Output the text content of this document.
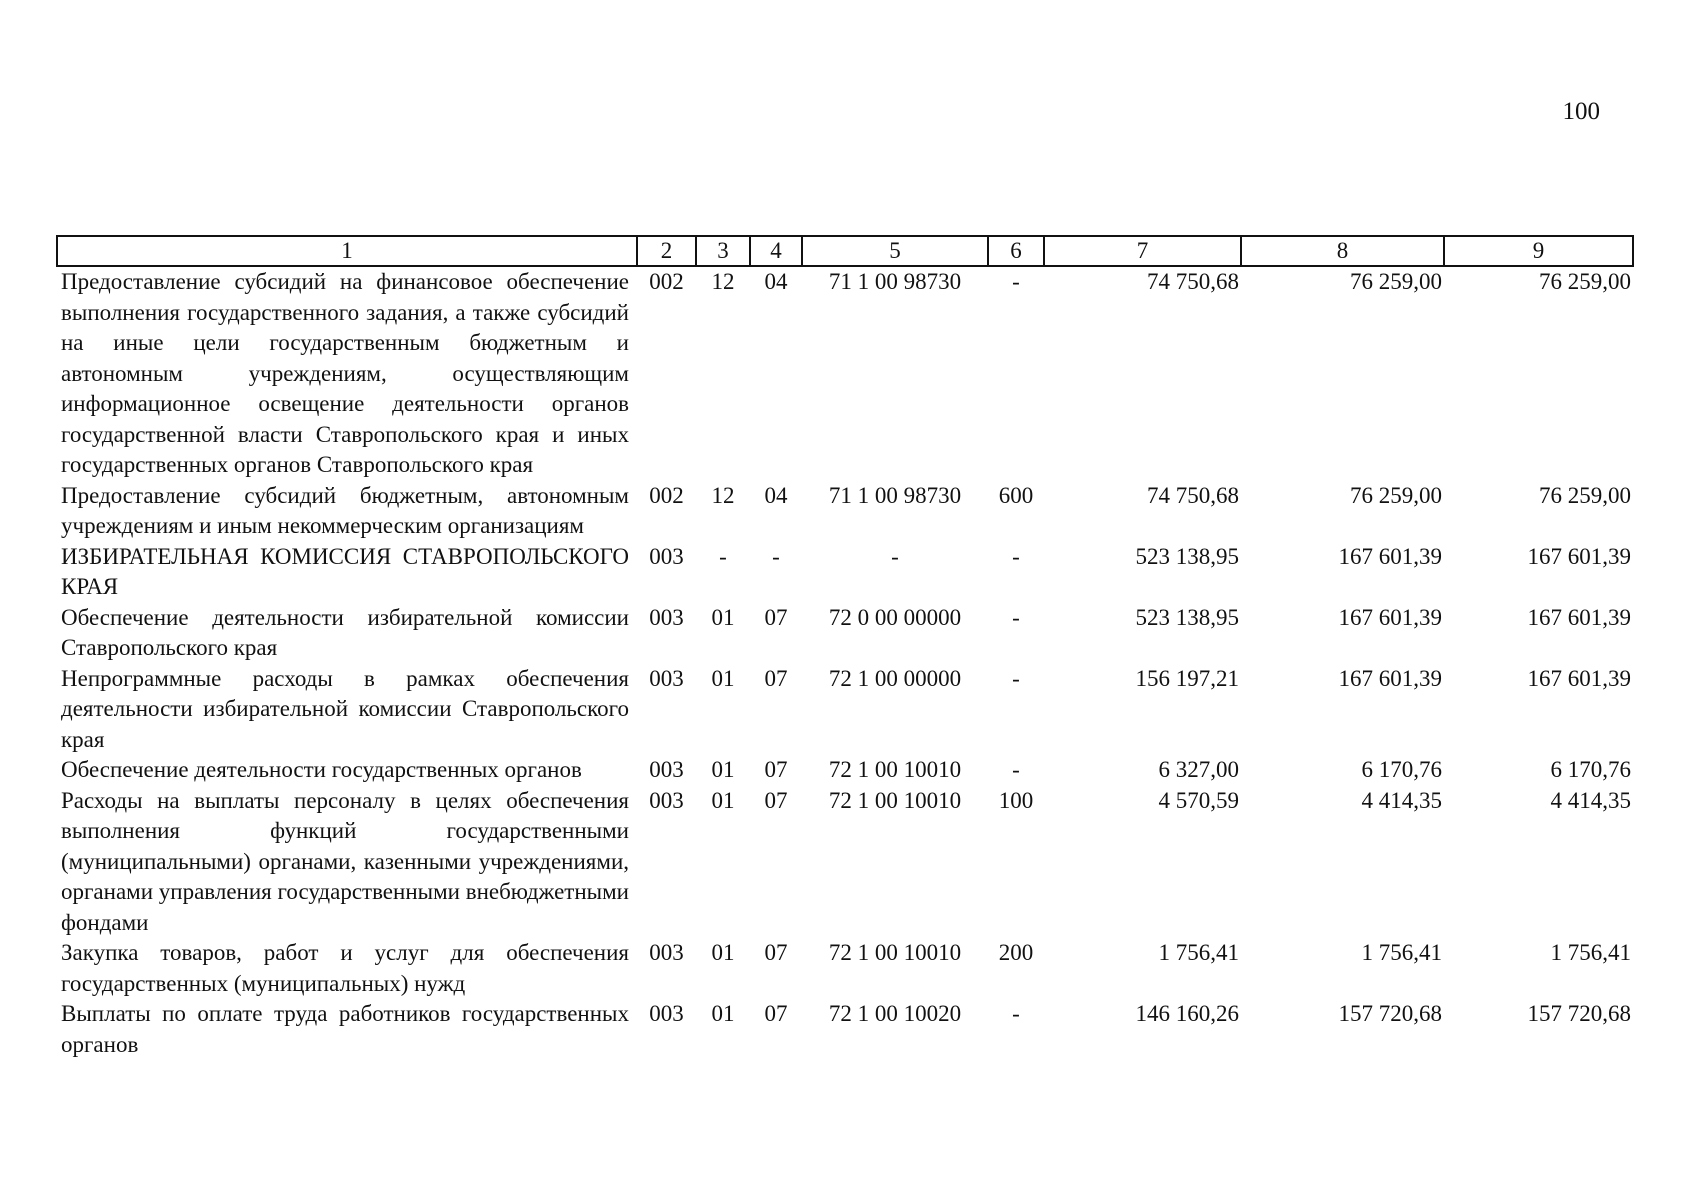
100
1	2	3	4	5	6	7	8	9
Предоставление субсидий на финансовое обеспечение выполнения государственного задания, а также субсидий на иные цели государственным бюджетным и автономным учреждениям, осуществляющим информационное освещение деятельности органов государственной власти Ставропольского края и иных государственных органов Ставропольского края	002	12	04	71 1 00 98730	-	74 750,68	76 259,00	76 259,00
Предоставление субсидий бюджетным, автономным учреждениям и иным некоммерческим организациям	002	12	04	71 1 00 98730	600	74 750,68	76 259,00	76 259,00
ИЗБИРАТЕЛЬНАЯ КОМИССИЯ СТАВРОПОЛЬСКОГО КРАЯ	003	-	-	-	-	523 138,95	167 601,39	167 601,39
Обеспечение деятельности избирательной комиссии Ставропольского края	003	01	07	72 0 00 00000	-	523 138,95	167 601,39	167 601,39
Непрограммные расходы в рамках обеспечения деятельности избирательной комиссии Ставропольского края	003	01	07	72 1 00 00000	-	156 197,21	167 601,39	167 601,39
Обеспечение деятельности государственных органов	003	01	07	72 1 00 10010	-	6 327,00	6 170,76	6 170,76
Расходы на выплаты персоналу в целях обеспечения выполнения функций государственными (муниципальными) органами, казенными учреждениями, органами управления государственными внебюджетными фондами	003	01	07	72 1 00 10010	100	4 570,59	4 414,35	4 414,35
Закупка товаров, работ и услуг для обеспечения государственных (муниципальных) нужд	003	01	07	72 1 00 10010	200	1 756,41	1 756,41	1 756,41
Выплаты по оплате труда работников государственных органов	003	01	07	72 1 00 10020	-	146 160,26	157 720,68	157 720,68
